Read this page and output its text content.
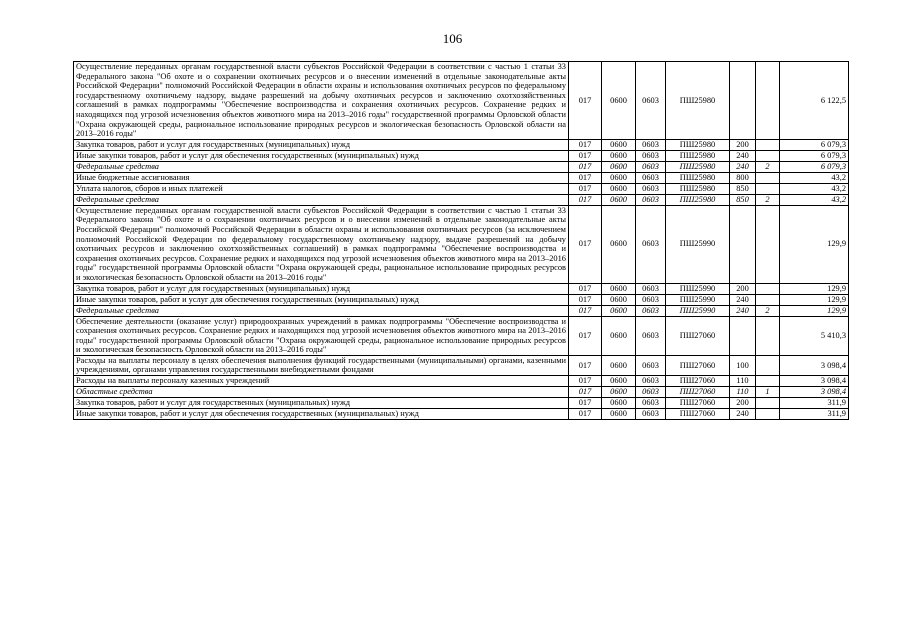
106
Осуществление переданных органам государственной власти субъектов Российской Федерации в соответствии с частью 1 статьи 33 Федерального закона "Об охоте и о сохранении охотничьих ресурсов и о внесении изменений в отдельные законодательные акты Российской Федерации" полномочий Российской Федерации в области охраны и использования охотничьих ресурсов по федеральному государственному охотничьему надзору, выдаче разрешений на добычу охотничьих ресурсов и заключению охотхозяйственных соглашений в рамках подпрограммы "Обеспечение воспроизводства и сохранения охотничьих ресурсов. Сохранение редких и находящихся под угрозой исчезновения объектов животного мира на 2013–2016 годы" государственной программы Орловской области "Охрана окружающей среды, рациональное использование природных ресурсов и экологическая безопасность Орловской области на 2013–2016 годы"	017	0600	0603	ПШ25980			6 122,5
Закупка товаров, работ и услуг для государственных (муниципальных) нужд	017	0600	0603	ПШ25980	200		6 079,3
Иные закупки товаров, работ и услуг для обеспечения государственных (муниципальных) нужд	017	0600	0603	ПШ25980	240		6 079,3
Федеральные средства	017	0600	0603	ПШ25980	240	2	6 079,3
Иные бюджетные ассигнования	017	0600	0603	ПШ25980	800		43,2
Уплата налогов, сборов и иных платежей	017	0600	0603	ПШ25980	850		43,2
Федеральные средства	017	0600	0603	ПШ25980	850	2	43,2
Осуществление переданных органам государственной власти субъектов Российской Федерации в соответствии с частью 1 статьи 33 Федерального закона "Об охоте и о сохранении охотничьих ресурсов и о внесении изменений в отдельные законодательные акты Российской Федерации" полномочий Российской Федерации в области охраны и использования охотничьих ресурсов (за исключением полномочий Российской Федерации по федеральному государственному охотничьему надзору, выдаче разрешений на добычу охотничьих ресурсов и заключению охотхозяйственных соглашений) в рамках подпрограммы "Обеспечение воспроизводства и сохранения охотничьих ресурсов. Сохранение редких и находящихся под угрозой исчезновения объектов животного мира на 2013–2016 годы" государственной программы Орловской области "Охрана окружающей среды, рациональное использование природных ресурсов и экологическая безопасность Орловской области на 2013–2016 годы"	017	0600	0603	ПШ25990			129,9
Закупка товаров, работ и услуг для государственных (муниципальных) нужд	017	0600	0603	ПШ25990	200		129,9
Иные закупки товаров, работ и услуг для обеспечения государственных (муниципальных) нужд	017	0600	0603	ПШ25990	240		129,9
Федеральные средства	017	0600	0603	ПШ25990	240	2	129,9
Обеспечение деятельности (оказание услуг) природоохранных учреждений в рамках подпрограммы "Обеспечение воспроизводства и сохранения охотничьих ресурсов. Сохранение редких и находящихся под угрозой исчезновения объектов животного мира на 2013–2016 годы" государственной программы Орловской области "Охрана окружающей среды, рациональное использование природных ресурсов и экологическая безопасность Орловской области на 2013–2016 годы"	017	0600	0603	ПШ27060			5 410,3
Расходы на выплаты персоналу в целях обеспечения выполнения функций государственными (муниципальными) органами, казенными учреждениями, органами управления государственными внебюджетными фондами	017	0600	0603	ПШ27060	100		3 098,4
Расходы на выплаты персоналу казенных учреждений	017	0600	0603	ПШ27060	110		3 098,4
Областные средства	017	0600	0603	ПШ27060	110	1	3 098,4
Закупка товаров, работ и услуг для государственных (муниципальных) нужд	017	0600	0603	ПШ27060	200		311,9
Иные закупки товаров, работ и услуг для обеспечения государственных (муниципальных) нужд	017	0600	0603	ПШ27060	240		311,9
